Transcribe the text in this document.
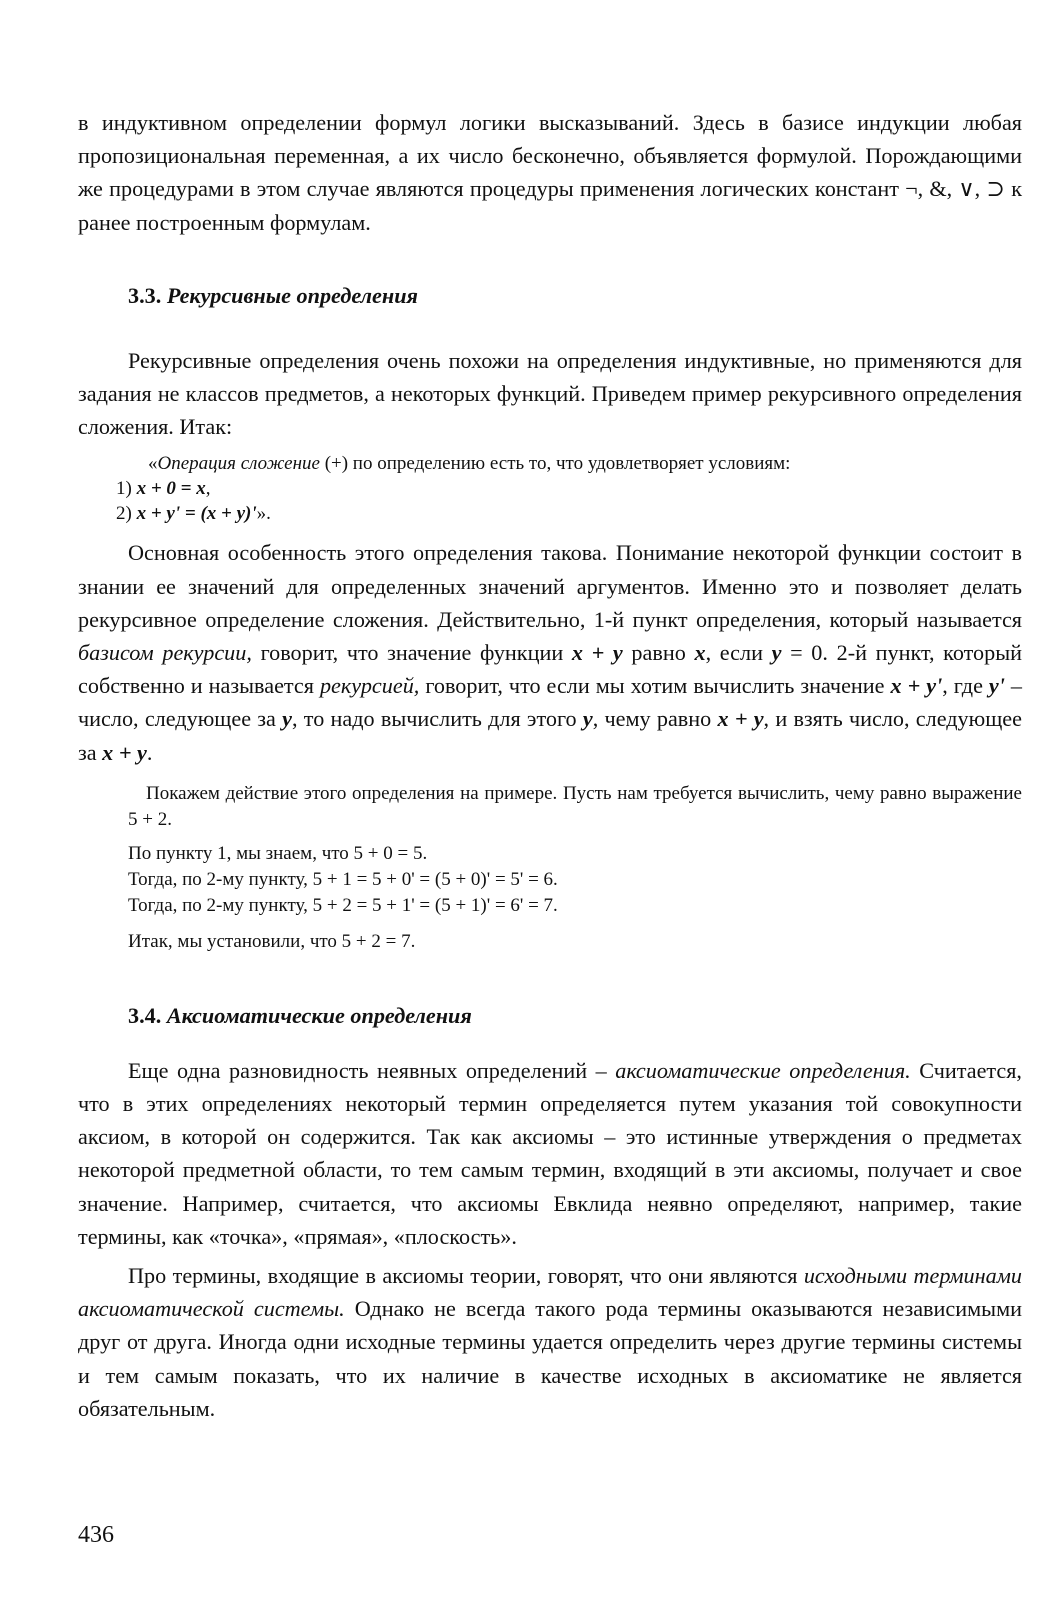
в индуктивном определении формул логики высказываний. Здесь в базисе индукции любая пропозициональная переменная, а их число бесконечно, объявляется формулой. Порождающими же процедурами в этом случае являются процедуры применения логических констант ¬, &, ∨, ⊃ к ранее построенным формулам.

3.3. Рекурсивные определения

Рекурсивные определения очень похожи на определения индуктивные, но применяются для задания не классов предметов, а некоторых функций. Приведем пример рекурсивного определения сложения. Итак:

«Операция сложение (+) по определению есть то, что удовлетворяет условиям:
1) x + 0 = x,
2) x + y' = (x + y)'».

Основная особенность этого определения такова. Понимание некоторой функции состоит в знании ее значений для определенных значений аргументов. Именно это и позволяет делать рекурсивное определение сложения. Действительно, 1-й пункт определения, который называется базисом рекурсии, говорит, что значение функции x + y равно x, если y = 0. 2-й пункт, который собственно и называется рекурсией, говорит, что если мы хотим вычислить значение x + y', где y' – число, следующее за y, то надо вычислить для этого y, чему равно x + y, и взять число, следующее за x + y.

Покажем действие этого определения на примере. Пусть нам требуется вычислить, чему равно выражение 5 + 2.

По пункту 1, мы знаем, что 5 + 0 = 5.
Тогда, по 2-му пункту, 5 + 1 = 5 + 0' = (5 + 0)' = 5' = 6.
Тогда, по 2-му пункту, 5 + 2 = 5 + 1' = (5 + 1)' = 6' = 7.

Итак, мы установили, что 5 + 2 = 7.

3.4. Аксиоматические определения

Еще одна разновидность неявных определений – аксиоматические определения. Считается, что в этих определениях некоторый термин определяется путем указания той совокупности аксиом, в которой он содержится. Так как аксиомы – это истинные утверждения о предметах некоторой предметной области, то тем самым термин, входящий в эти аксиомы, получает и свое значение. Например, считается, что аксиомы Евклида неявно определяют, например, такие термины, как «точка», «прямая», «плоскость».

Про термины, входящие в аксиомы теории, говорят, что они являются исходными терминами аксиоматической системы. Однако не всегда такого рода термины оказываются независимыми друг от друга. Иногда одни исходные термины удается определить через другие термины системы и тем самым показать, что их наличие в качестве исходных в аксиоматике не является обязательным.

436
